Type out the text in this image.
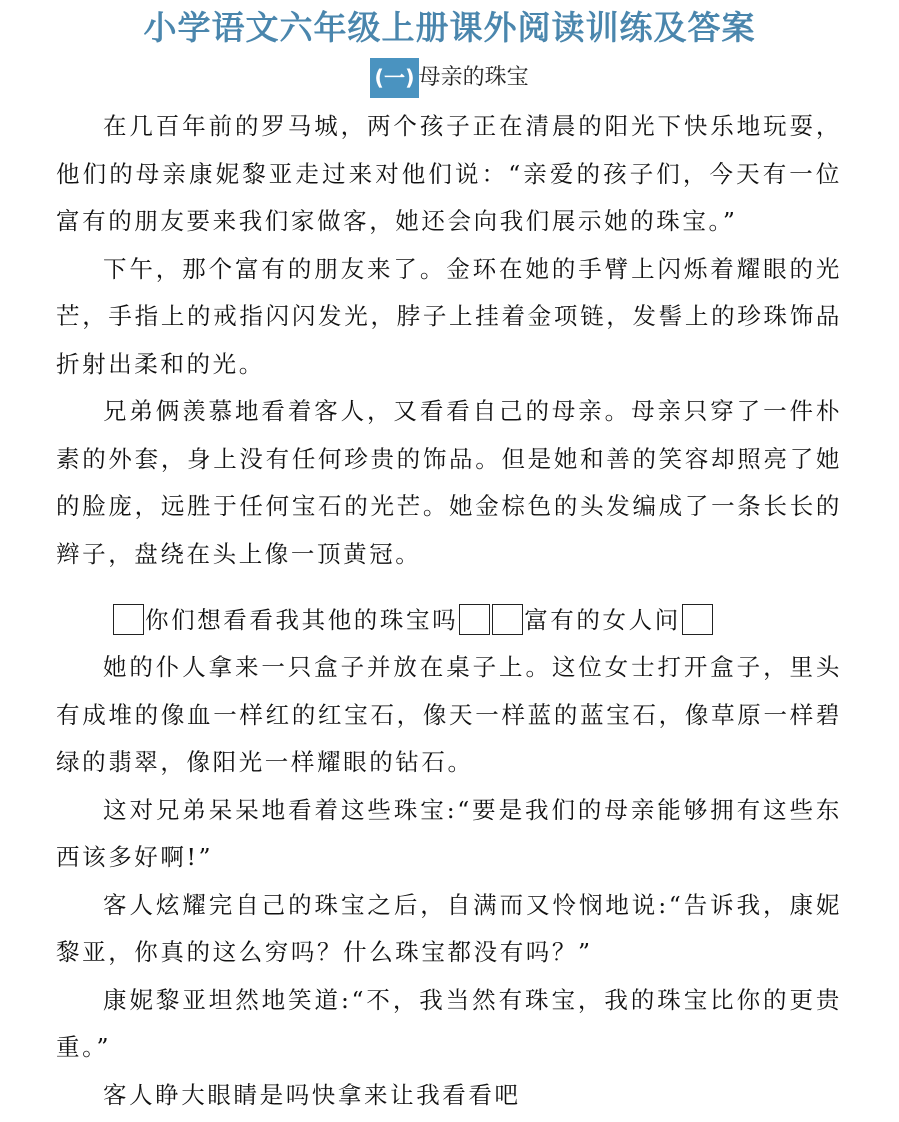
小学语文六年级上册课外阅读训练及答案
(一) 母亲的珠宝

在几百年前的罗马城，两个孩子正在清晨的阳光下快乐地玩耍，他们的母亲康妮黎亚走过来对他们说：“亲爱的孩子们，今天有一位富有的朋友要来我们家做客，她还会向我们展示她的珠宝。”

下午，那个富有的朋友来了。金环在她的手臂上闪烁着耀眼的光芒，手指上的戒指闪闪发光，脖子上挂着金项链，发髻上的珍珠饰品折射出柔和的光。

兄弟俩羡慕地看着客人，又看看自己的母亲。母亲只穿了一件朴素的外套，身上没有任何珍贵的饰品。但是她和善的笑容却照亮了她的脸庞，远胜于任何宝石的光芒。她金棕色的头发编成了一条长长的辫子，盘绕在头上像一顶黄冠。

你们想看看我其他的珠宝吗	富有的女人问

她的仆人拿来一只盒子并放在桌子上。这位女士打开盒子，里头有成堆的像血一样红的红宝石，像天一样蓝的蓝宝石，像草原一样碧绿的翡翠，像阳光一样耀眼的钻石。

这对兄弟呆呆地看着这些珠宝:“要是我们的母亲能够拥有这些东西该多好啊!”

客人炫耀完自己的珠宝之后，自满而又怜悯地说:“告诉我，康妮黎亚，你真的这么穷吗？什么珠宝都没有吗？”

康妮黎亚坦然地笑道:“不，我当然有珠宝，我的珠宝比你的更贵重。”

客人睁大眼睛是吗快拿来让我看看吧
